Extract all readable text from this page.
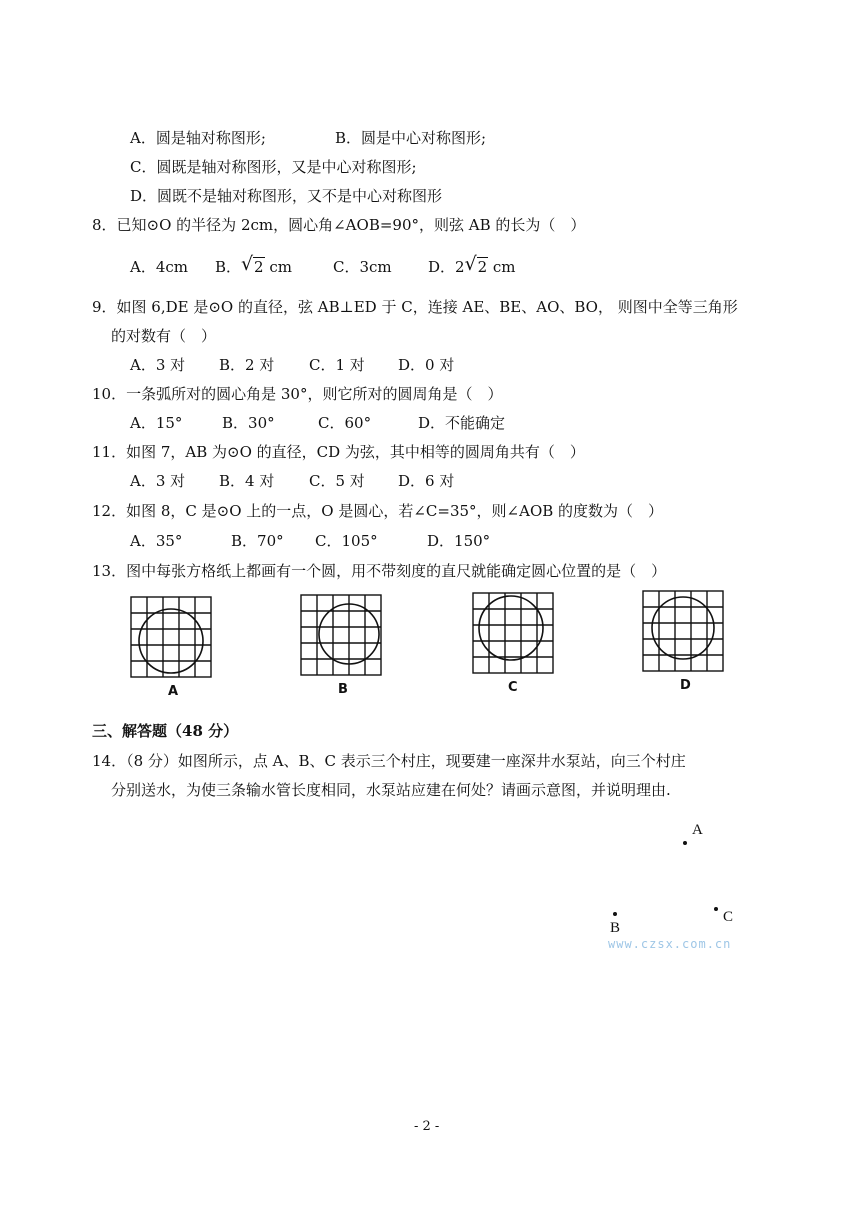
A．圆是轴对称图形;	B．圆是中心对称图形;
C．圆既是轴对称图形，又是中心对称图形;
D．圆既不是轴对称图形，又不是中心对称图形
8．已知⊙O 的半径为 2cm，圆心角∠AOB=90°，则弦 AB 的长为（　）
A．4cm B． √ 2 cm	C．3cm D．2 √ 2 cm
9．如图 6,DE 是⊙O 的直径，弦 AB⊥ED 于 C，连接 AE、BE、AO、BO， 则图中全等三角形
的对数有（　）
A．3 对 B．2 对 C．1 对 D．0 对
10．一条弧所对的圆心角是 30°，则它所对的圆周角是（　）
A．15°	B．30°	C．60°	D．不能确定
11．如图 7，AB 为⊙O 的直径，CD 为弦，其中相等的圆周角共有（　）
A．3 对 B．4 对 C．5 对 D．6 对
12．如图 8，C 是⊙O 上的一点，O 是圆心，若∠C=35°，则∠AOB 的度数为（　）
A．35°	B．70° C．105°	D．150°
13．图中每张方格纸上都画有一个圆，用不带刻度的直尺就能确定圆心位置的是（　）
A	B	C	D
三、解答题（48 分）
14．（8 分）如图所示，点 A、B、C 表示三个村庄，现要建一座深井水泵站，向三个村庄
分别送水，为使三条输水管长度相同，水泵站应建在何处？请画示意图，并说明理由.
A
B
C
www.czsx.com.cn
- 2 -
